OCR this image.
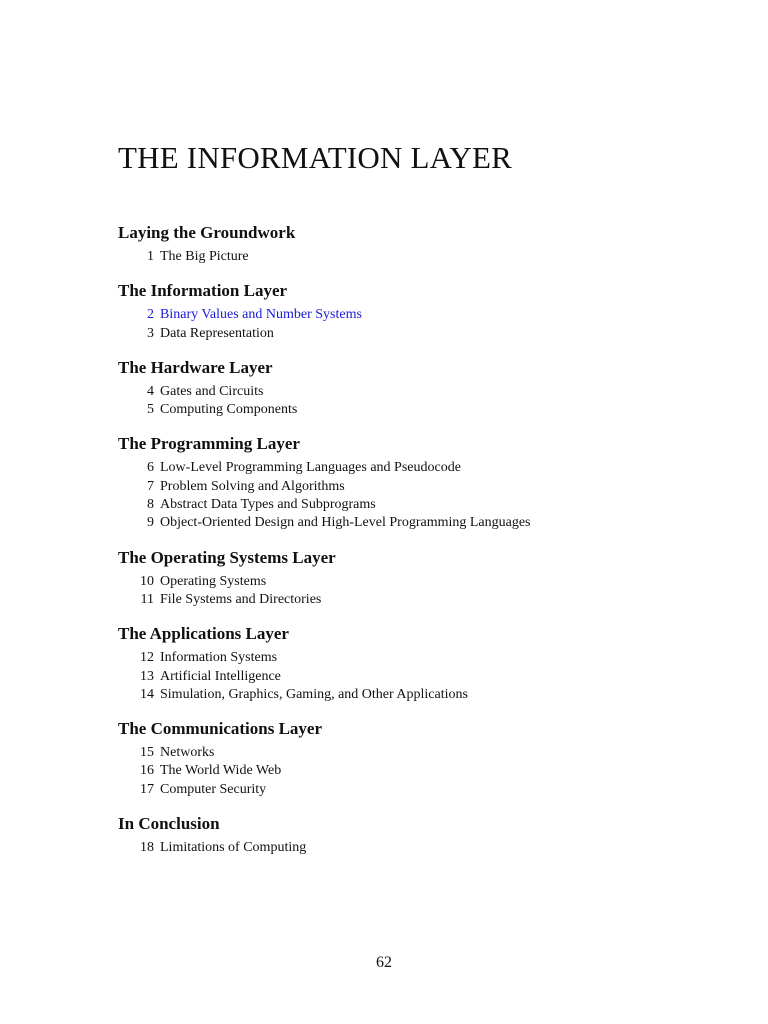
THE INFORMATION LAYER
Laying the Groundwork
1 The Big Picture
The Information Layer
2 Binary Values and Number Systems
3 Data Representation
The Hardware Layer
4 Gates and Circuits
5 Computing Components
The Programming Layer
6 Low-Level Programming Languages and Pseudocode
7 Problem Solving and Algorithms
8 Abstract Data Types and Subprograms
9 Object-Oriented Design and High-Level Programming Languages
The Operating Systems Layer
10 Operating Systems
11 File Systems and Directories
The Applications Layer
12 Information Systems
13 Artificial Intelligence
14 Simulation, Graphics, Gaming, and Other Applications
The Communications Layer
15 Networks
16 The World Wide Web
17 Computer Security
In Conclusion
18 Limitations of Computing
62
